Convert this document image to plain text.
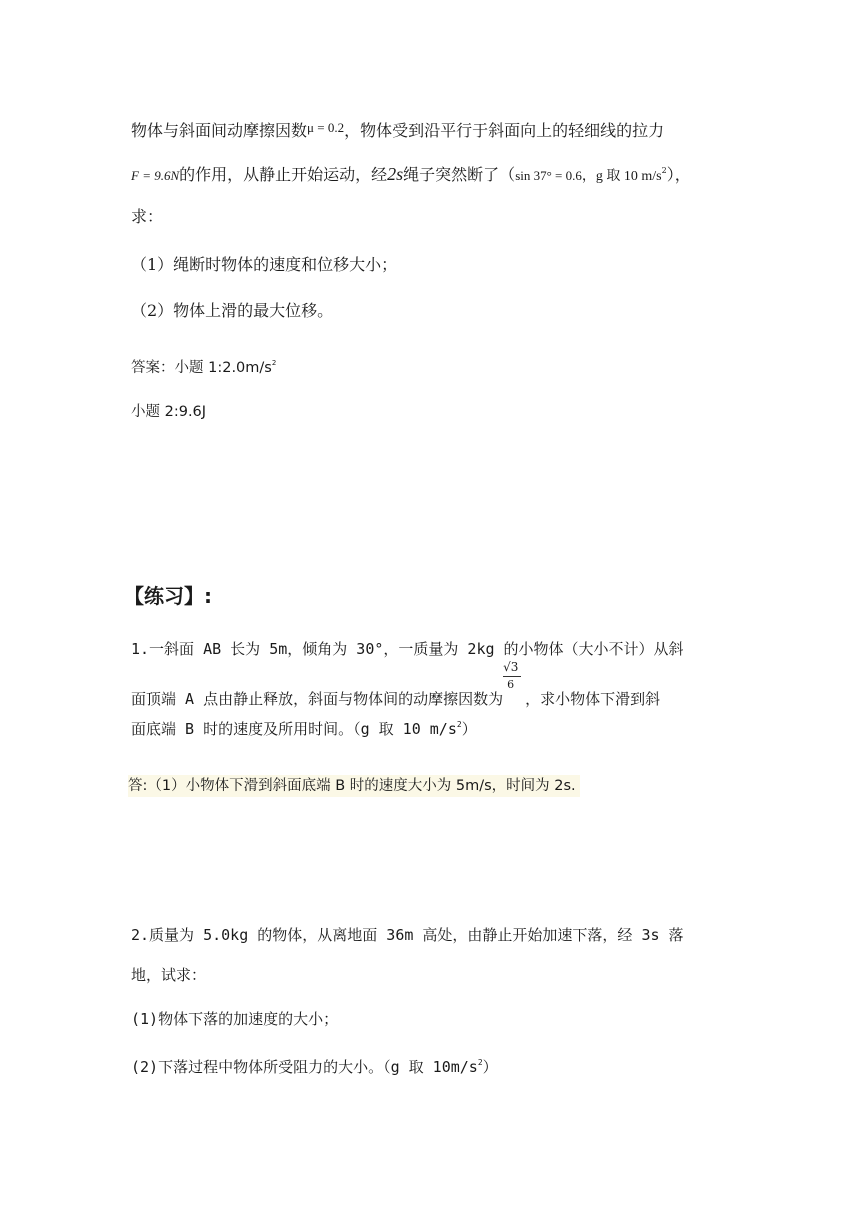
物体与斜面间动摩擦因数$^{\mu = 0.2}$，物体受到沿平行于斜面向上的轻细线的拉力
F = 9.6N的作用，从静止开始运动，经2s绳子突然断了（sin 37° = 0.6，g 取 10 $m/s^2$），
求：
（1）绳断时物体的速度和位移大小；
（2）物体上滑的最大位移。
答案：小题 $1:2.0m/s^2$
小题 2:9.6J
【练习】:
1.一斜面 AB 长为 5m，倾角为 30°，一质量为 2kg 的小物体（大小不计）从斜
面顶端 A 点由静止释放，斜面与物体间的动摩擦因数为 $\frac{√3}{6}$ ，求小物体下滑到斜
面底端 B 时的速度及所用时间。（g 取 10 $m/s^2$）
答:（1）小物体下滑到斜面底端 B 时的速度大小为 5m/s，时间为 2s.
2.质量为 5.0kg 的物体，从离地面 36m 高处，由静止开始加速下落，经 3s 落
地，试求：
(1)物体下落的加速度的大小；
(2)下落过程中物体所受阻力的大小。（g 取 $10m/s^2$）
